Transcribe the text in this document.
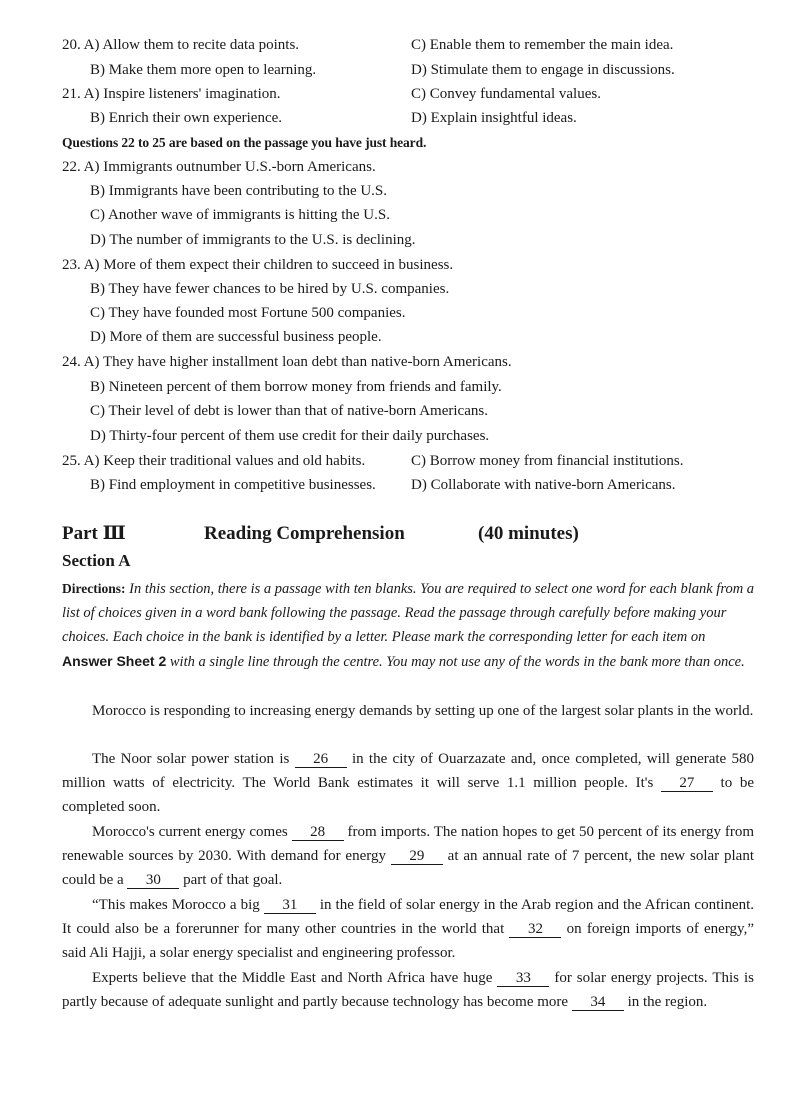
20. A) Allow them to recite data points.	C) Enable them to remember the main idea.
B) Make them more open to learning.	D) Stimulate them to engage in discussions.
21. A) Inspire listeners' imagination.	C) Convey fundamental values.
B) Enrich their own experience.	D) Explain insightful ideas.
Questions 22 to 25 are based on the passage you have just heard.
22. A) Immigrants outnumber U.S.-born Americans.
B) Immigrants have been contributing to the U.S.
C) Another wave of immigrants is hitting the U.S.
D) The number of immigrants to the U.S. is declining.
23. A) More of them expect their children to succeed in business.
B) They have fewer chances to be hired by U.S. companies.
C) They have founded most Fortune 500 companies.
D) More of them are successful business people.
24. A) They have higher installment loan debt than native-born Americans.
B) Nineteen percent of them borrow money from friends and family.
C) Their level of debt is lower than that of native-born Americans.
D) Thirty-four percent of them use credit for their daily purchases.
25. A) Keep their traditional values and old habits.	C) Borrow money from financial institutions.
B) Find employment in competitive businesses. D) Collaborate with native-born Americans.
Part Ⅲ	Reading Comprehension	(40 minutes)
Section A
Directions: In this section, there is a passage with ten blanks. You are required to select one word for each blank from a list of choices given in a word bank following the passage. Read the passage through carefully before making your choices. Each choice in the bank is identified by a letter. Please mark the corresponding letter for each item on Answer Sheet 2 with a single line through the centre. You may not use any of the words in the bank more than once.
Morocco is responding to increasing energy demands by setting up one of the largest solar plants in the world.
The Noor solar power station is 26 in the city of Ouarzazate and, once completed, will generate 580 million watts of electricity. The World Bank estimates it will serve 1.1 million people. It's 27 to be completed soon.
Morocco's current energy comes 28 from imports. The nation hopes to get 50 percent of its energy from renewable sources by 2030. With demand for energy 29 at an annual rate of 7 percent, the new solar plant could be a 30 part of that goal.
“This makes Morocco a big 31 in the field of solar energy in the Arab region and the African continent. It could also be a forerunner for many other countries in the world that 32 on foreign imports of energy,” said Ali Hajji, a solar energy specialist and engineering professor.
Experts believe that the Middle East and North Africa have huge 33 for solar energy projects. This is partly because of adequate sunlight and partly because technology has become more 34 in the region.
